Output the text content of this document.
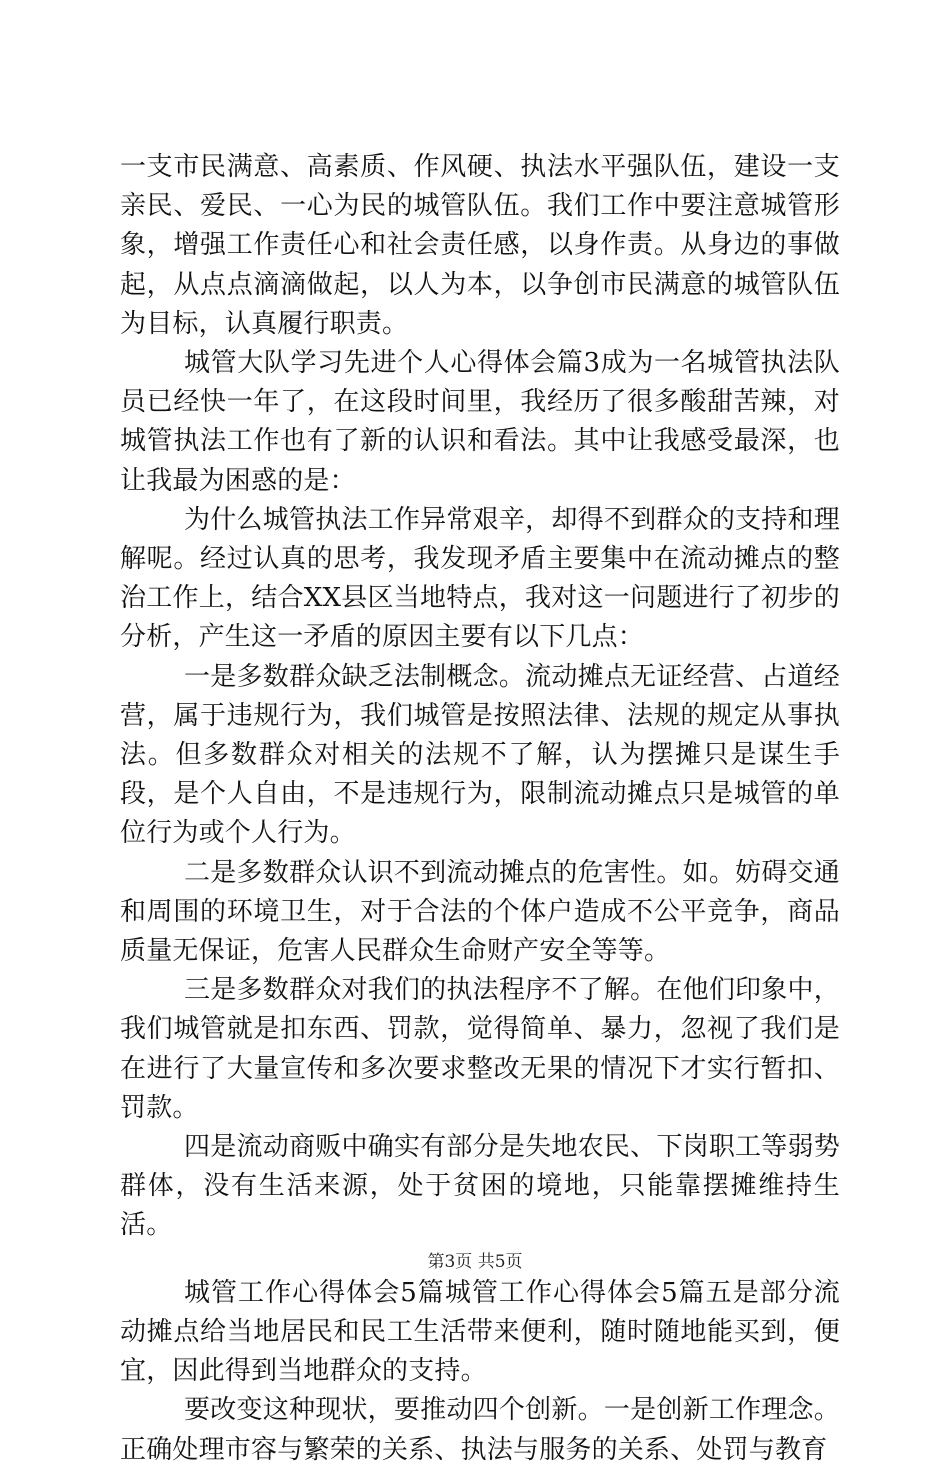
一支市民满意、高素质、作风硬、执法水平强队伍，建设一支亲民、爱民、一心为民的城管队伍。我们工作中要注意城管形象，增强工作责任心和社会责任感，以身作责。从身边的事做起，从点点滴滴做起，以人为本，以争创市民满意的城管队伍为目标，认真履行职责。

城管大队学习先进个人心得体会篇3成为一名城管执法队员已经快一年了，在这段时间里，我经历了很多酸甜苦辣，对城管执法工作也有了新的认识和看法。其中让我感受最深，也让我最为困惑的是：

为什么城管执法工作异常艰辛，却得不到群众的支持和理解呢。经过认真的思考，我发现矛盾主要集中在流动摊点的整治工作上，结合XX县区当地特点，我对这一问题进行了初步的分析，产生这一矛盾的原因主要有以下几点：

一是多数群众缺乏法制概念。流动摊点无证经营、占道经营，属于违规行为，我们城管是按照法律、法规的规定从事执法。但多数群众对相关的法规不了解，认为摆摊只是谋生手段，是个人自由，不是违规行为，限制流动摊点只是城管的单位行为或个人行为。

二是多数群众认识不到流动摊点的危害性。如。妨碍交通和周围的环境卫生，对于合法的个体户造成不公平竞争，商品质量无保证，危害人民群众生命财产安全等等。

三是多数群众对我们的执法程序不了解。在他们印象中，我们城管就是扣东西、罚款，觉得简单、暴力，忽视了我们是在进行了大量宣传和多次要求整改无果的情况下才实行暂扣、罚款。

四是流动商贩中确实有部分是失地农民、下岗职工等弱势群体，没有生活来源，处于贫困的境地，只能靠摆摊维持生活。

城管工作心得体会5篇城管工作心得体会5篇五是部分流动摊点给当地居民和民工生活带来便利，随时随地能买到，便宜，因此得到当地群众的支持。

要改变这种现状，要推动四个创新。一是创新工作理念。正确处理市容与繁荣的关系、执法与服务的关系、处罚与教育

第3页 共5页
